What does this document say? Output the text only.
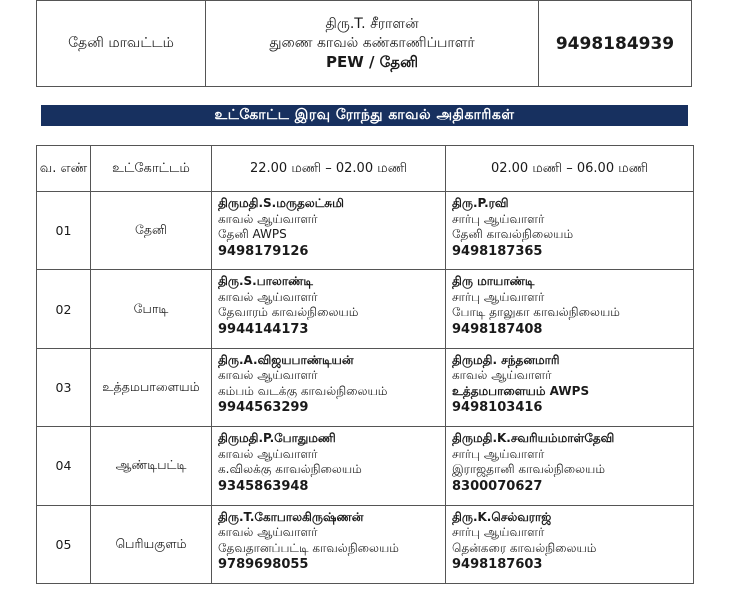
தேனி மாவட்டம்	
திரு.T. சீராளன்
துணை காவல் கண்காணிப்பாளர்
PEW / தேனி
	9498184939
உட்கோட்ட இரவு ரோந்து காவல் அதிகாரிகள்
வ. எண்	உட்கோட்டம்	22.00 மணி – 02.00 மணி	02.00 மணி – 06.00 மணி
01	தேனி	திருமதி.S.மருதலட்சுமி
காவல் ஆய்வாளர்
தேனி AWPS
9498179126	திரு.P.ரவி
சார்பு ஆய்வாளர்
தேனி காவல்நிலையம்
9498187365

02	போடி	திரு.S.பாலாண்டி
காவல் ஆய்வாளர்
தேவாரம் காவல்நிலையம்
9944144173	திரு மாயாண்டி
சார்பு ஆய்வாளர்
போடி தாலுகா காவல்நிலையம்
9498187408

03	உத்தமபாளையம்	திரு.A.விஜயபாண்டியன்
காவல் ஆய்வாளர்
கம்பம் வடக்கு காவல்நிலையம்
9944563299	திருமதி. சந்தனமாரி
காவல் ஆய்வாளர்
உத்தமபாளையம் AWPS
9498103416

04	ஆண்டிபட்டி	திருமதி.P.போதுமணி
காவல் ஆய்வாளர்
க.விலக்கு காவல்நிலையம்
9345863948	திருமதி.K.சவரியம்மாள்தேவி
சார்பு ஆய்வாளர்
இராஜதானி காவல்நிலையம்
8300070627

05	பெரியகுளம்	திரு.T.கோபாலகிருஷ்ணன்
காவல் ஆய்வாளர்
தேவதானப்பட்டி காவல்நிலையம்
9789698055	திரு.K.செல்வராஜ்
சார்பு ஆய்வாளர்
தென்கரை காவல்நிலையம்
9498187603
